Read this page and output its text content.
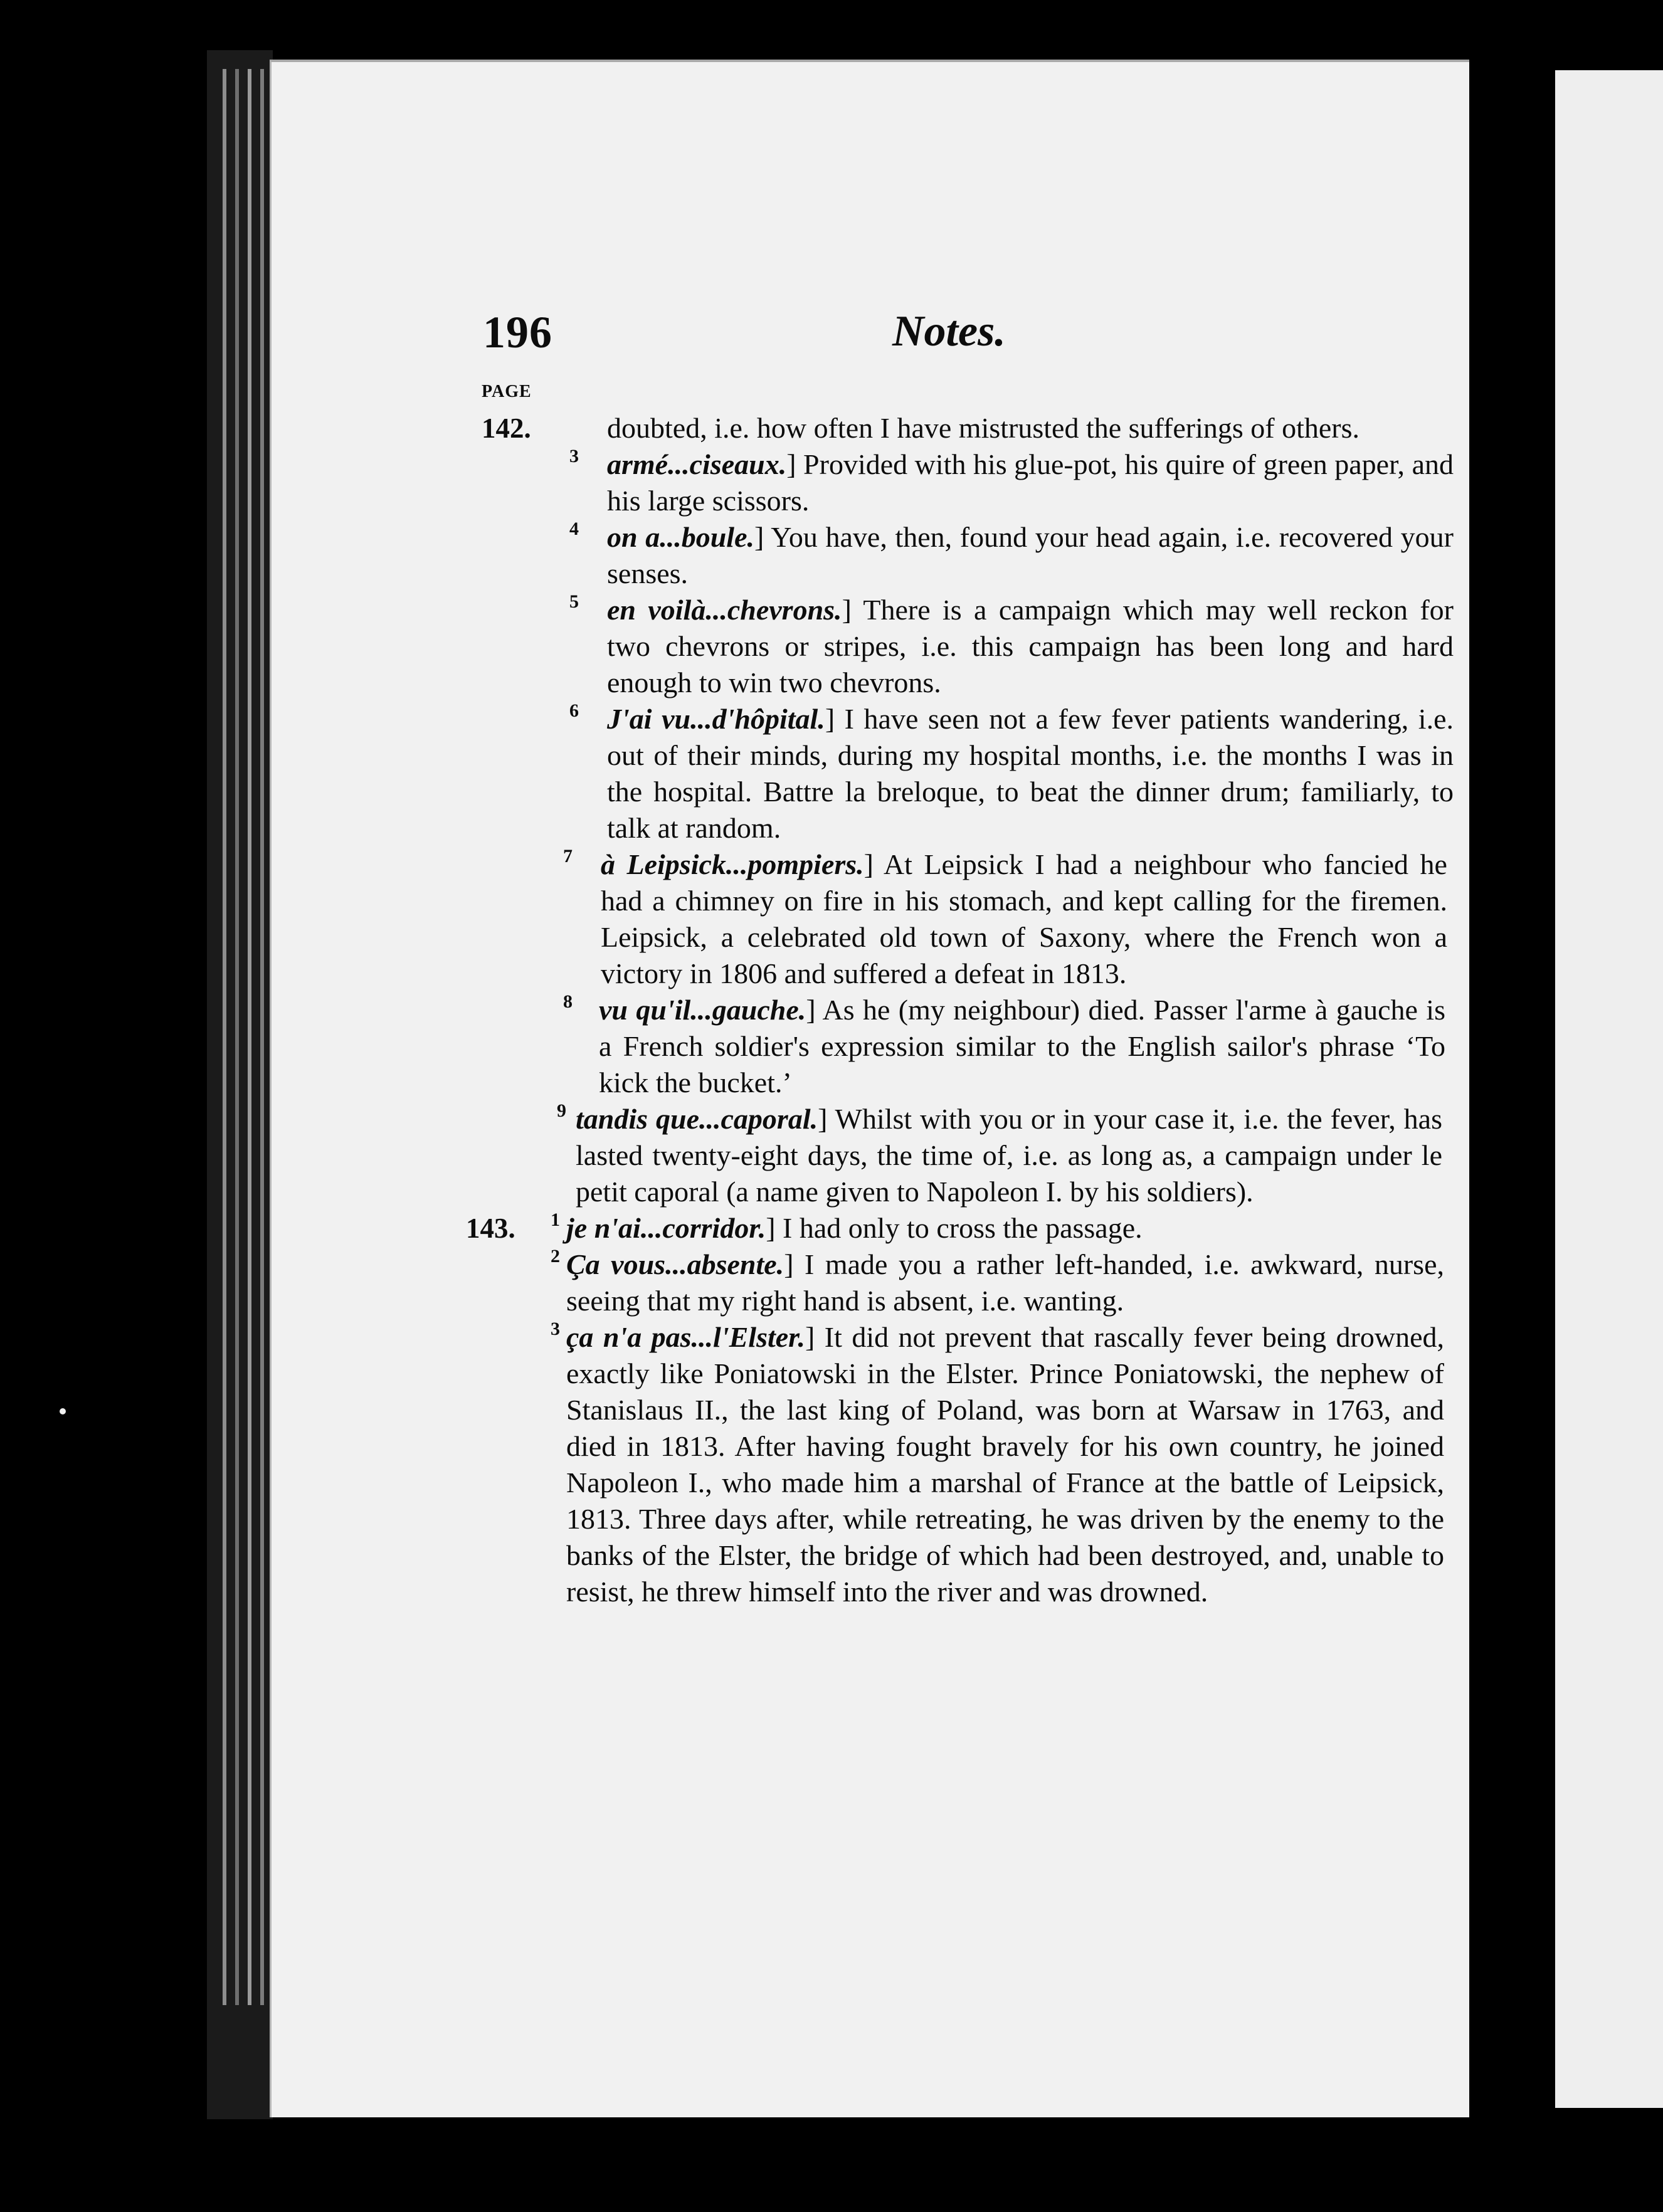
196	Notes.
PAGE
142.	doubted, i.e. how often I have mistrusted the sufferings of others.
3 armé...ciseaux.] Provided with his glue-pot, his quire of green paper, and his large scissors.
4 on a...boule.] You have, then, found your head again, i.e. recovered your senses.
5 en voilà...chevrons.] There is a campaign which may well reckon for two chevrons or stripes, i.e. this campaign has been long and hard enough to win two chevrons.
6 J'ai vu...d'hôpital.] I have seen not a few fever patients wandering, i.e. out of their minds, during my hospital months, i.e. the months I was in the hospital. Battre la breloque, to beat the dinner drum; familiarly, to talk at random.
7 à Leipsick...pompiers.] At Leipsick I had a neighbour who fancied he had a chimney on fire in his stomach, and kept calling for the firemen. Leipsick, a celebrated old town of Saxony, where the French won a victory in 1806 and suffered a defeat in 1813.
8 vu qu'il...gauche.] As he (my neighbour) died. Passer l'arme à gauche is a French soldier's expression similar to the English sailor's phrase ‘To kick the bucket.’
9 tandis que...caporal.] Whilst with you or in your case it, i.e. the fever, has lasted twenty-eight days, the time of, i.e. as long as, a campaign under le petit caporal (a name given to Napoleon I. by his soldiers).
143.	1 je n'ai...corridor.] I had only to cross the passage.
2 Ça vous...absente.] I made you a rather left-handed, i.e. awkward, nurse, seeing that my right hand is absent, i.e. wanting.
3 ça n'a pas...l'Elster.] It did not prevent that rascally fever being drowned, exactly like Poniatowski in the Elster. Prince Poniatowski, the nephew of Stanislaus II., the last king of Poland, was born at Warsaw in 1763, and died in 1813. After having fought bravely for his own country, he joined Napoleon I., who made him a marshal of France at the battle of Leipsick, 1813. Three days after, while retreating, he was driven by the enemy to the banks of the Elster, the bridge of which had been destroyed, and, unable to resist, he threw himself into the river and was drowned.
